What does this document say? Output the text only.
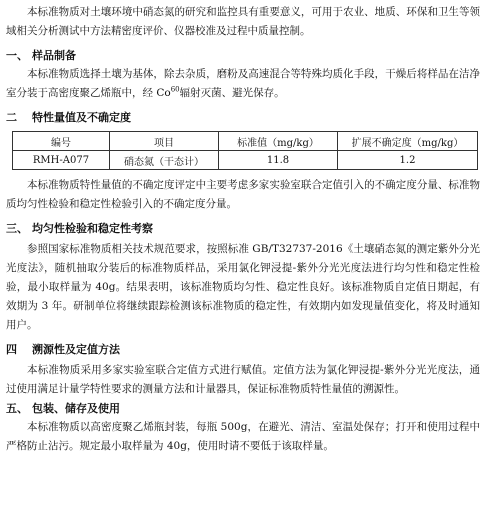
本标准物质对土壤环境中硝态氮的研究和监控具有重要意义，可用于农业、地质、环保和卫生等领域相关分析测试中方法精密度评价、仪器校准及过程中质量控制。

一、 样品制备

本标准物质选择土壤为基体，除去杂质，磨粉及高速混合等特殊均质化手段，干燥后将样品在洁净室分装于高密度聚乙烯瓶中，经 Co$^{60}$辐射灭菌、避光保存。

二 特性量值及不确定度
编号	项目	标准值（mg/kg）	扩展不确定度（mg/kg）
RMH-A077	硝态氮（干态计）	11.8	1.2

本标准物质特性量值的不确定度评定中主要考虑多家实验室联合定值引入的不确定度分量、标准物质均匀性检验和稳定性检验引入的不确定度分量。

三、 均匀性检验和稳定性考察

参照国家标准物质相关技术规范要求，按照标准 GB/T32737-2016《土壤硝态氮的测定紫外分光光度法》，随机抽取分装后的标准物质样品，采用氯化钾浸提-紫外分光光度法进行均匀性和稳定性检验，最小取样量为 40g。结果表明，该标准物质均匀性、稳定性良好。该标准物质自定值日期起，有效期为 3 年。研制单位将继续跟踪检测该标准物质的稳定性，有效期内如发现量值变化，将及时通知用户。

四 溯源性及定值方法

本标准物质采用多家实验室联合定值方式进行赋值。定值方法为氯化钾浸提-紫外分光光度法，通过使用满足计量学特性要求的测量方法和计量器具，保证标准物质特性量值的溯源性。

五、 包装、储存及使用

本标准物质以高密度聚乙烯瓶封装，每瓶 500g，在避光、清洁、室温处保存；打开和使用过程中严格防止沾污。规定最小取样量为 40g，使用时请不要低于该取样量。
